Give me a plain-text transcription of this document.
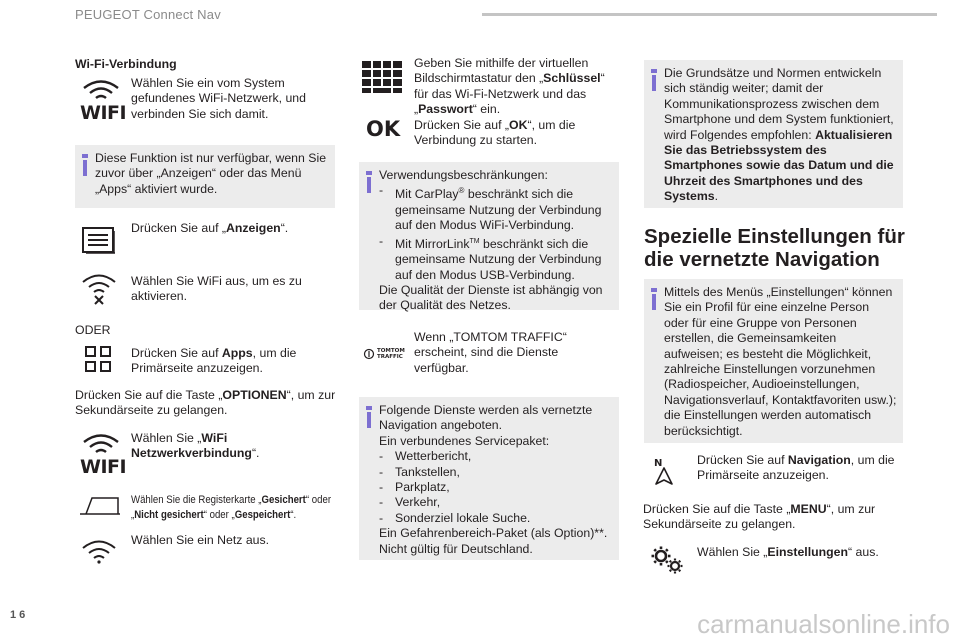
PEUGEOT Connect Nav
Wi-Fi-Verbindung
WIFI
Wählen Sie ein vom System gefundenes WiFi-Netzwerk, und verbinden Sie sich damit.
Diese Funktion ist nur verfügbar, wenn Sie zuvor über „Anzeigen“ oder das Menü „Apps“ aktiviert wurde.
Drücken Sie auf „Anzeigen“.
Wählen Sie WiFi aus, um es zu aktivieren.
ODER
Drücken Sie auf Apps, um die Primärseite anzuzeigen.
Drücken Sie auf die Taste „OPTIONEN“, um zur Sekundärseite zu gelangen.
WIFI
Wählen Sie „WiFi Netzwerkverbindung“.
Wählen Sie die Registerkarte „Gesichert“ oder „Nicht gesichert“ oder „Gespeichert“.
Wählen Sie ein Netz aus.
OK
Geben Sie mithilfe der virtuellen Bildschirmtastatur den „Schlüssel“ für das Wi-Fi-Netzwerk und das „Passwort“ ein.
Drücken Sie auf „OK“, um die Verbindung zu starten.
Verwendungsbeschränkungen:
- Mit CarPlay® beschränkt sich die gemeinsame Nutzung der Verbindung auf den Modus WiFi-Verbindung.
- Mit MirrorLink™ beschränkt sich die gemeinsame Nutzung der Verbindung auf den Modus USB-Verbindung.
Die Qualität der Dienste ist abhängig von der Qualität des Netzes.
TOMTOM TRAFFIC
Wenn „TOMTOM TRAFFIC“ erscheint, sind die Dienste verfügbar.
Folgende Dienste werden als vernetzte Navigation angeboten.
Ein verbundenes Servicepaket:
- Wetterbericht,
- Tankstellen,
- Parkplatz,
- Verkehr,
- Sonderziel lokale Suche.
Ein Gefahrenbereich-Paket (als Option)**.
Nicht gültig für Deutschland.
Die Grundsätze und Normen entwickeln sich ständig weiter; damit der Kommunikationsprozess zwischen dem Smartphone und dem System funktioniert, wird Folgendes empfohlen: Aktualisieren Sie das Betriebssystem des Smartphones sowie das Datum und die Uhrzeit des Smartphones und des Systems.
Spezielle Einstellungen für
die vernetzte Navigation
Mittels des Menüs „Einstellungen“ können Sie ein Profil für eine einzelne Person oder für eine Gruppe von Personen erstellen, die Gemeinsamkeiten aufweisen; es besteht die Möglichkeit, zahlreiche Einstellungen vorzunehmen (Radiospeicher, Audioeinstellungen, Navigationsverlauf, Kontaktfavoriten usw.); die Einstellungen werden automatisch berücksichtigt.
N	Drücken Sie auf Navigation, um die Primärseite anzuzeigen.
Drücken Sie auf die Taste „MENU“, um zur Sekundärseite zu gelangen.
Wählen Sie „Einstellungen“ aus.
16	carmanualsonline.info
